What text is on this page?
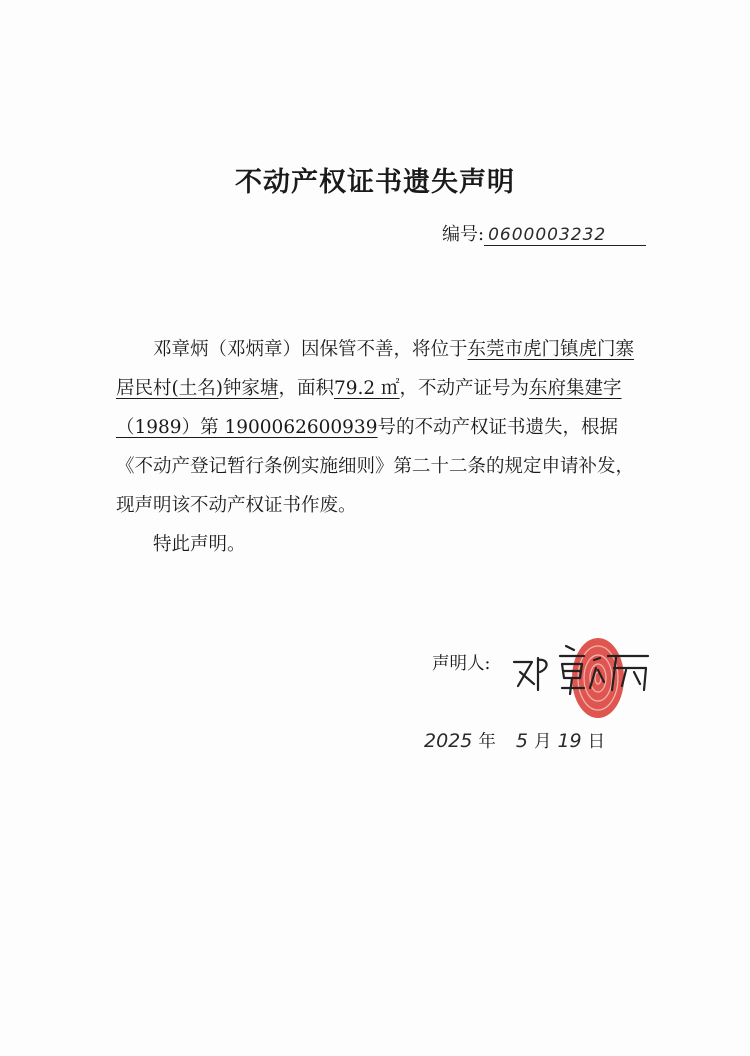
不动产权证书遗失声明
编号: 0600003232

邓章炳（邓炳章）因保管不善，将位于东莞市虎门镇虎门寨居民村(土名)钟家塘，面积79.2 ㎡，不动产证号为东府集建字（1989）第 1900062600939号的不动产权证书遗失，根据《不动产登记暂行条例实施细则》第二十二条的规定申请补发，现声明该不动产权证书作废。

特此声明。

声明人:
2025 年 5 月 19 日
